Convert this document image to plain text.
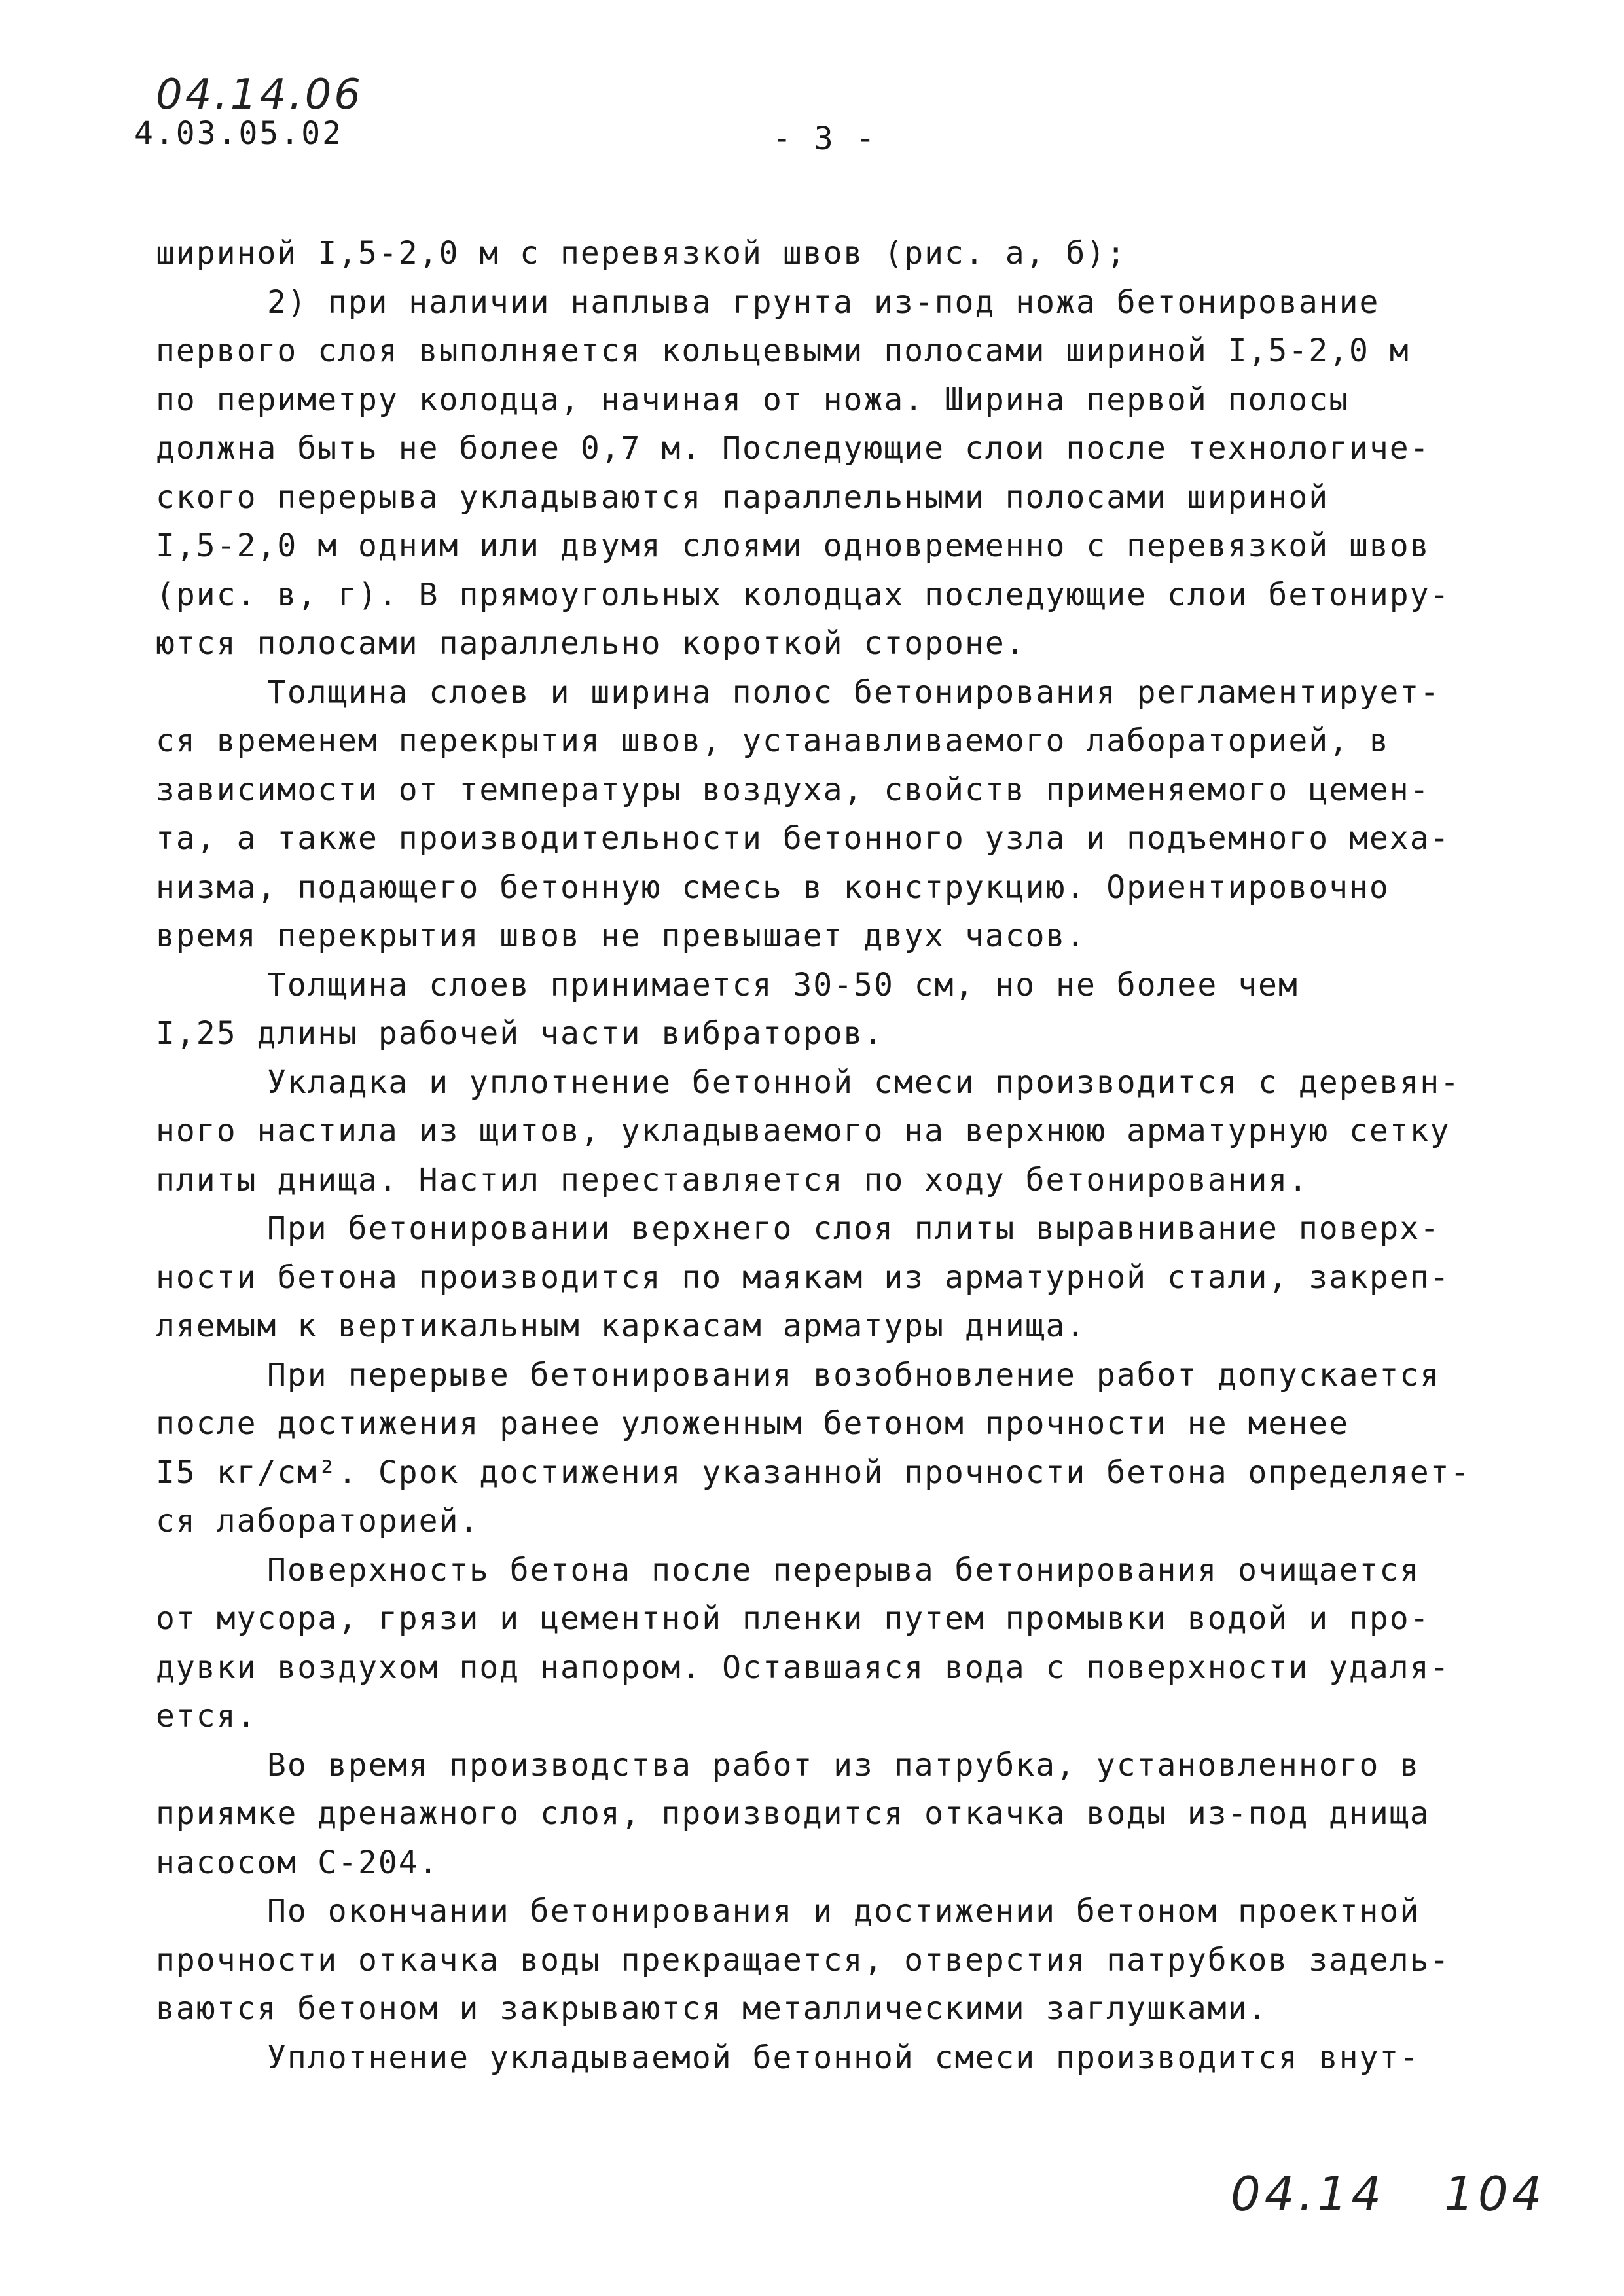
04.14.06
4.03.05.02	- 3 -
шириной I,5-2,0 м с перевязкой швов (рис. а, б);
2) при наличии наплыва грунта из-под ножа бетонирование
первого слоя выполняется кольцевыми полосами шириной I,5-2,0 м
по периметру колодца, начиная от ножа. Ширина первой полосы
должна быть не более 0,7 м. Последующие слои после технологиче-
ского перерыва укладываются параллельными полосами шириной
I,5-2,0 м одним или двумя слоями одновременно с перевязкой швов
(рис. в, г). В прямоугольных колодцах последующие слои бетониру-
ются полосами параллельно короткой стороне.
Толщина слоев и ширина полос бетонирования регламентирует-
ся временем перекрытия швов, устанавливаемого лабораторией, в
зависимости от температуры воздуха, свойств применяемого цемен-
та, а также производительности бетонного узла и подъемного меха-
низма, подающего бетонную смесь в конструкцию. Ориентировочно
время перекрытия швов не превышает двух часов.
Толщина слоев принимается 30-50 см, но не более чем
I,25 длины рабочей части вибраторов.
Укладка и уплотнение бетонной смеси производится с деревян-
ного настила из щитов, укладываемого на верхнюю арматурную сетку
плиты днища. Настил переставляется по ходу бетонирования.
При бетонировании верхнего слоя плиты выравнивание поверх-
ности бетона производится по маякам из арматурной стали, закреп-
ляемым к вертикальным каркасам арматуры днища.
При перерыве бетонирования возобновление работ допускается
после достижения ранее уложенным бетоном прочности не менее
I5 кг/см². Срок достижения указанной прочности бетона определяет-
ся лабораторией.
Поверхность бетона после перерыва бетонирования очищается
от мусора, грязи и цементной пленки путем промывки водой и про-
дувки воздухом под напором. Оставшаяся вода с поверхности удаля-
ется.
Во время производства работ из патрубка, установленного в
приямке дренажного слоя, производится откачка воды из-под днища
насосом С-204.
По окончании бетонирования и достижении бетоном проектной
прочности откачка воды прекращается, отверстия патрубков задель-
ваются бетоном и закрываются металлическими заглушками.
Уплотнение укладываемой бетонной смеси производится внут-
04.14 104
